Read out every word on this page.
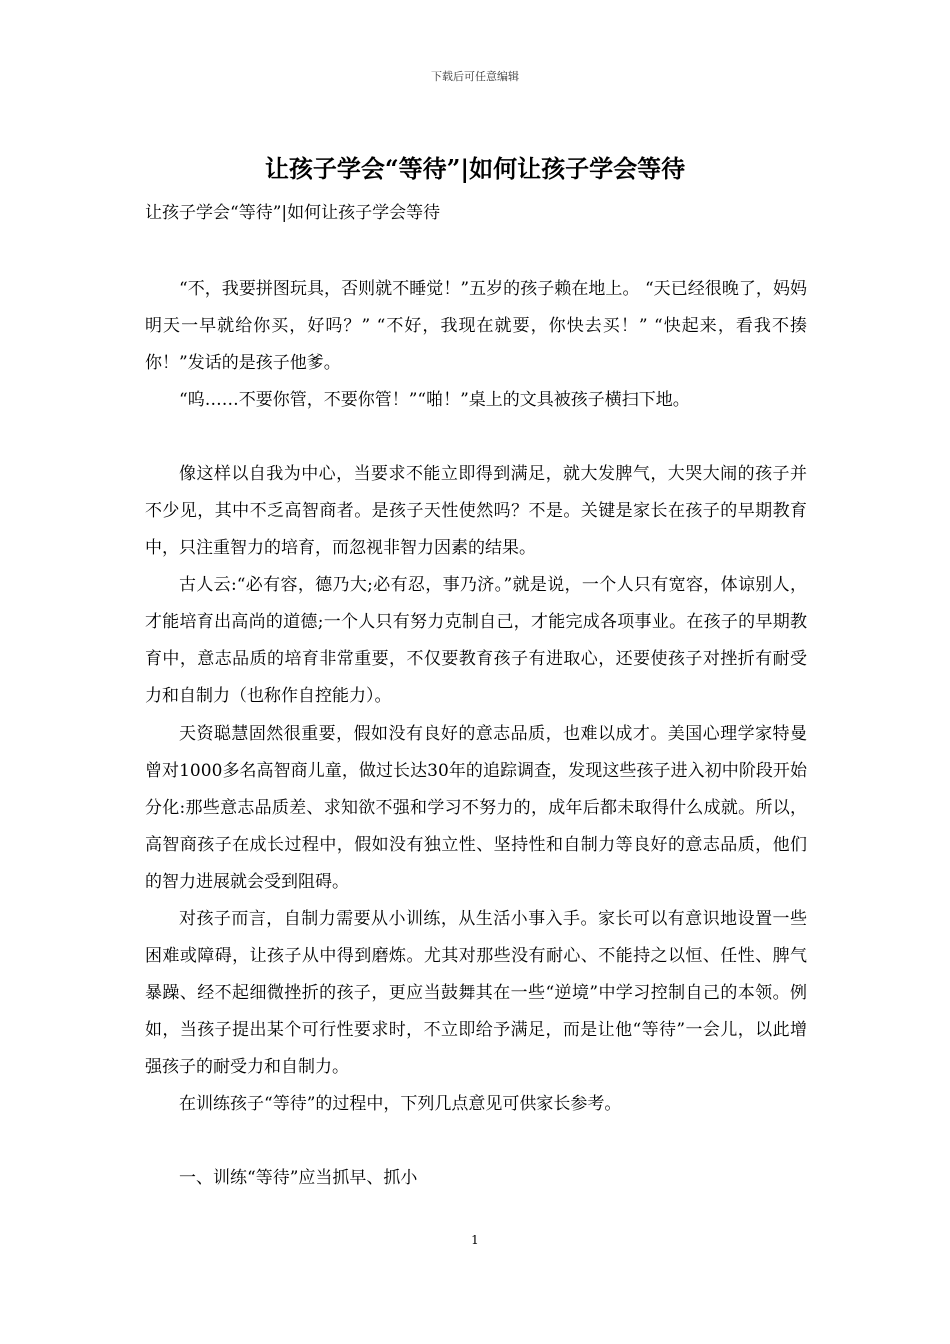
下载后可任意编辑
让孩子学会“等待”|如何让孩子学会等待

让孩子学会“等待”|如何让孩子学会等待

“不，我要拼图玩具，否则就不睡觉！”五岁的孩子赖在地上。 “天已经很晚了，妈妈明天一早就给你买，好吗？” “不好，我现在就要，你快去买！” “快起来，看我不揍你！”发话的是孩子他爹。

“呜……不要你管，不要你管！”“啪！”桌上的文具被孩子横扫下地。

像这样以自我为中心，当要求不能立即得到满足，就大发脾气，大哭大闹的孩子并不少见，其中不乏高智商者。是孩子天性使然吗？不是。关键是家长在孩子的早期教育中，只注重智力的培育，而忽视非智力因素的结果。

古人云:“必有容，德乃大;必有忍，事乃济。”就是说，一个人只有宽容，体谅别人，才能培育出高尚的道德;一个人只有努力克制自己，才能完成各项事业。在孩子的早期教育中，意志品质的培育非常重要，不仅要教育孩子有进取心，还要使孩子对挫折有耐受力和自制力（也称作自控能力）。

天资聪慧固然很重要，假如没有良好的意志品质，也难以成才。美国心理学家特曼曾对1000多名高智商儿童，做过长达30年的追踪调查，发现这些孩子进入初中阶段开始分化:那些意志品质差、求知欲不强和学习不努力的，成年后都未取得什么成就。所以，高智商孩子在成长过程中，假如没有独立性、坚持性和自制力等良好的意志品质，他们的智力进展就会受到阻碍。

对孩子而言，自制力需要从小训练，从生活小事入手。家长可以有意识地设置一些困难或障碍，让孩子从中得到磨炼。尤其对那些没有耐心、不能持之以恒、任性、脾气暴躁、经不起细微挫折的孩子，更应当鼓舞其在一些“逆境”中学习控制自己的本领。例如，当孩子提出某个可行性要求时，不立即给予满足，而是让他“等待”一会儿，以此增强孩子的耐受力和自制力。

在训练孩子“等待”的过程中，下列几点意见可供家长参考。

一、训练“等待”应当抓早、抓小

1
